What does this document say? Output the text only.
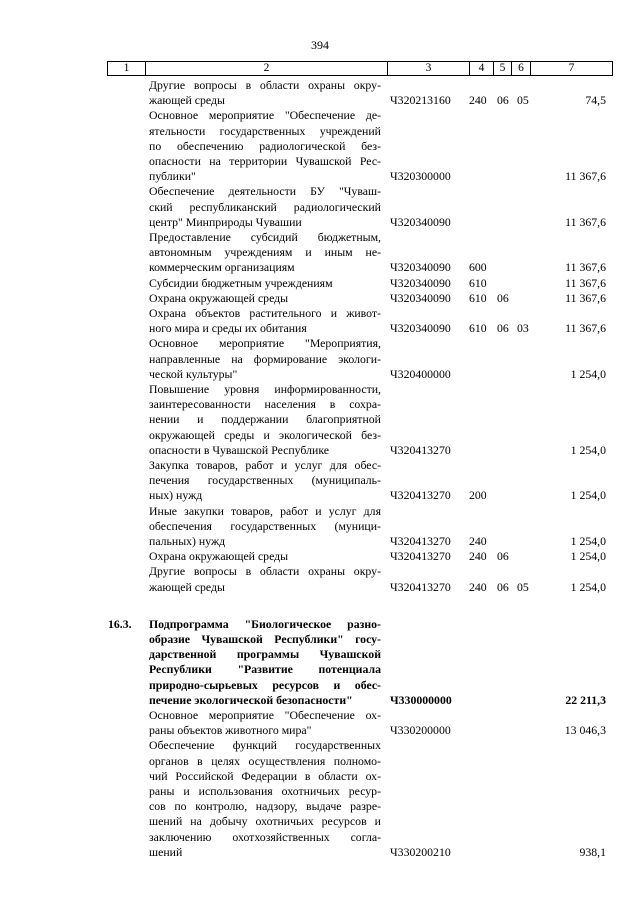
394
1	2	3	4	5	6	7
Другие вопросы в области охраны окру-
жающей среды	Ч320213160 240 06 05	74,5
Основное мероприятие "Обеспечение де-
ятельности государственных учреждений
по обеспечению радиологической без-
опасности на территории Чувашской Рес-
публики"	Ч320300000	11 367,6
Обеспечение деятельности БУ "Чуваш-
ский республиканский радиологический
центр" Минприроды Чувашии	Ч320340090	11 367,6
Предоставление субсидий бюджетным,
автономным учреждениям и иным не-
коммерческим организациям	Ч320340090 600	11 367,6
Субсидии бюджетным учреждениям	Ч320340090 610	11 367,6
Охрана окружающей среды	Ч320340090 610 06	11 367,6
Охрана объектов растительного и живот-
ного мира и среды их обитания	Ч320340090 610 06 03	11 367,6
Основное мероприятие "Мероприятия,
направленные на формирование экологи-
ческой культуры"	Ч320400000	1 254,0
Повышение уровня информированности,
заинтересованности населения в сохра-
нении и поддержании благоприятной
окружающей среды и экологической без-
опасности в Чувашской Республике	Ч320413270	1 254,0
Закупка товаров, работ и услуг для обес-
печения государственных (муниципаль-
ных) нужд	Ч320413270 200	1 254,0
Иные закупки товаров, работ и услуг для
обеспечения государственных (муници-
пальных) нужд	Ч320413270 240	1 254,0
Охрана окружающей среды	Ч320413270 240 06	1 254,0
Другие вопросы в области охраны окру-
жающей среды	Ч320413270 240 06 05	1 254,0
16.3.	Подпрограмма "Биологическое разно-
образие Чувашской Республики" госу-
дарственной программы Чувашской
Республики "Развитие потенциала
природно-сырьевых ресурсов и обес-
печение экологической безопасности"	Ч330000000	22 211,3
Основное мероприятие "Обеспечение ох-
раны объектов животного мира"	Ч330200000	13 046,3
Обеспечение функций государственных
органов в целях осуществления полномо-
чий Российской Федерации в области ох-
раны и использования охотничьих ресур-
сов по контролю, надзору, выдаче разре-
шений на добычу охотничьих ресурсов и
заключению охотхозяйственных согла-
шений	Ч330200210	938,1
